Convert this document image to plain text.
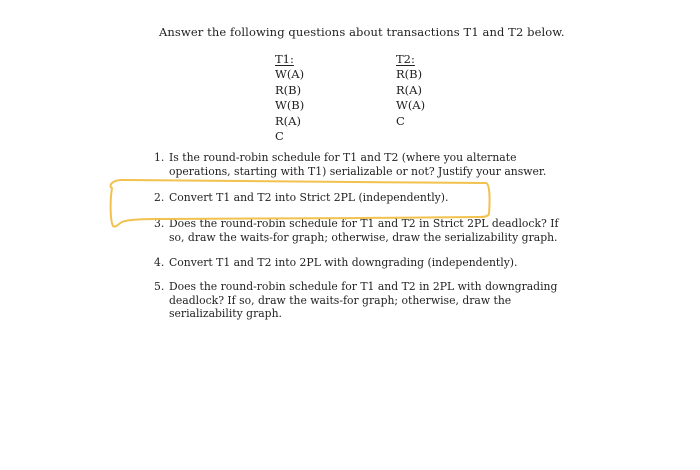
Answer the following questions about transactions T1 and T2 below.
T1:
W(A)
R(B)
W(B)
R(A)
C
T2:
R(B)
R(A)
W(A)
C
1. Is the round-robin schedule for T1 and T2 (where you alternate operations, starting with T1) serializable or not? Justify your answer.
2. Convert T1 and T2 into Strict 2PL (independently).
3. Does the round-robin schedule for T1 and T2 in Strict 2PL deadlock? If so, draw the waits-for graph; otherwise, draw the serializability graph.
4. Convert T1 and T2 into 2PL with downgrading (independently).
5. Does the round-robin schedule for T1 and T2 in 2PL with downgrading deadlock? If so, draw the waits-for graph; otherwise, draw the serializability graph.
